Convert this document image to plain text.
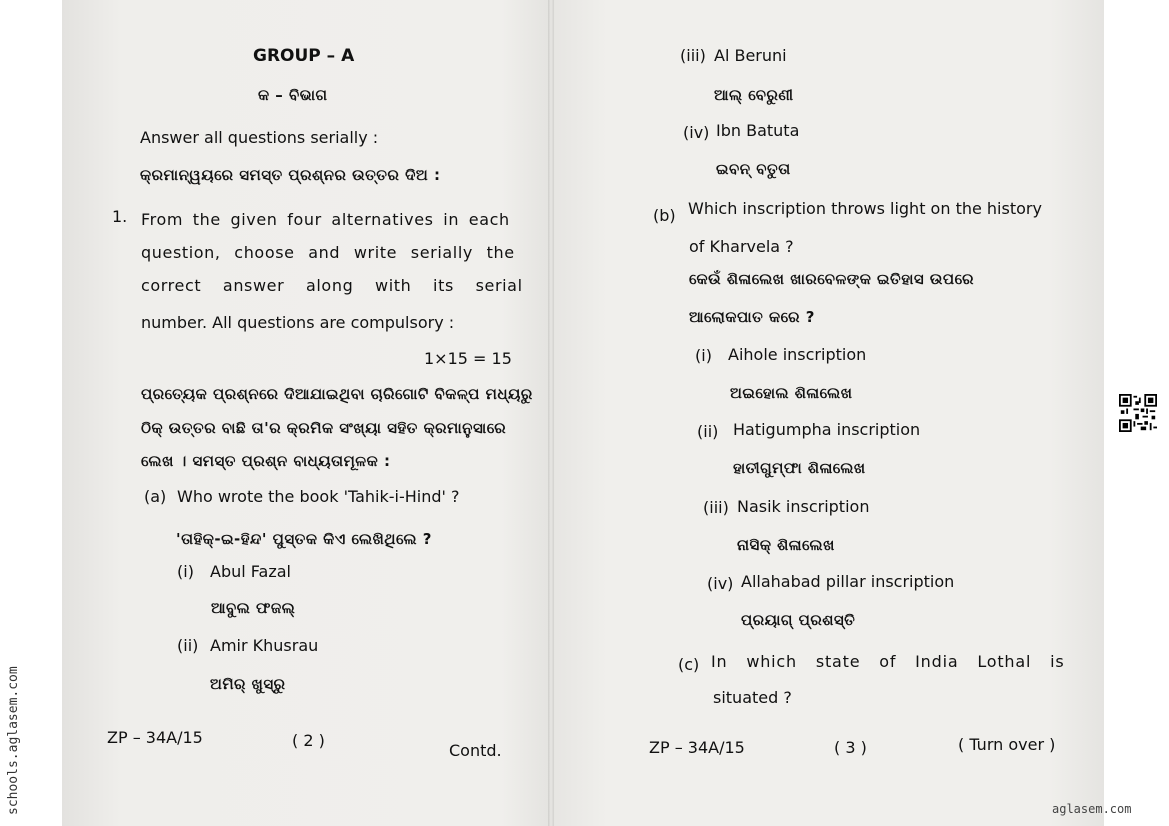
GROUP – A
କ – ବିଭାଗ
Answer all questions serially :
କ୍ରମାନ୍ୱୟରେ ସମସ୍ତ ପ୍ରଶ୍ନର ଉତ୍ତର ଦିଅ :
1. From the given four alternatives in each
question, choose and write serially the
correct answer along with its serial
number. All questions are compulsory :
1×15 = 15
ପ୍ରତ୍ୟେକ ପ୍ରଶ୍ନରେ ଦିଆଯାଇଥିବା ଚାରିଗୋଟି ବିକଳ୍ପ ମଧ୍ୟରୁ
ଠିକ୍ ଉତ୍ତର ବାଛି ତା'ର କ୍ରମିକ ସଂଖ୍ୟା ସହିତ କ୍ରମାନୁସାରେ
ଲେଖ । ସମସ୍ତ ପ୍ରଶ୍ନ ବାଧ୍ୟତାମୂଳକ :
(a) Who wrote the book 'Tahik-i-Hind' ?
'ତାହିକ୍-ଇ-ହିନ୍ଦ' ପୁସ୍ତକ କିଏ ଲେଖିଥିଲେ ?
(i) Abul Fazal
ଆବୁଲ ଫଜଲ୍
(ii) Amir Khusrau
ଅମିର୍ ଖୁସ୍ରୁ
ZP – 34A/15	( 2 )
Contd.
(iii) Al Beruni
ଆଲ୍ ବେରୁଣୀ
(iv) Ibn Batuta
ଇବନ୍ ବତୁତା
(b) Which inscription throws light on the history
of Kharvela ?
କେଉଁ ଶିଳାଲେଖ ଖାରବେଳଙ୍କ ଇତିହାସ ଉପରେ
ଆଲୋକପାତ କରେ ?
(i) Aihole inscription
ଅଇହୋଲ ଶିଳାଲେଖ
(ii) Hatigumpha inscription
ହାତୀଗୁମ୍ଫା ଶିଳାଲେଖ
(iii) Nasik inscription
ନାସିକ୍ ଶିଳାଲେଖ
(iv) Allahabad pillar inscription
ପ୍ରୟାଗ୍ ପ୍ରଶସ୍ତି
(c) In which state of India Lothal is
situated ?
ZP – 34A/15	( 3 )	( Turn over )
schools.aglasem.com	aglasem.com
